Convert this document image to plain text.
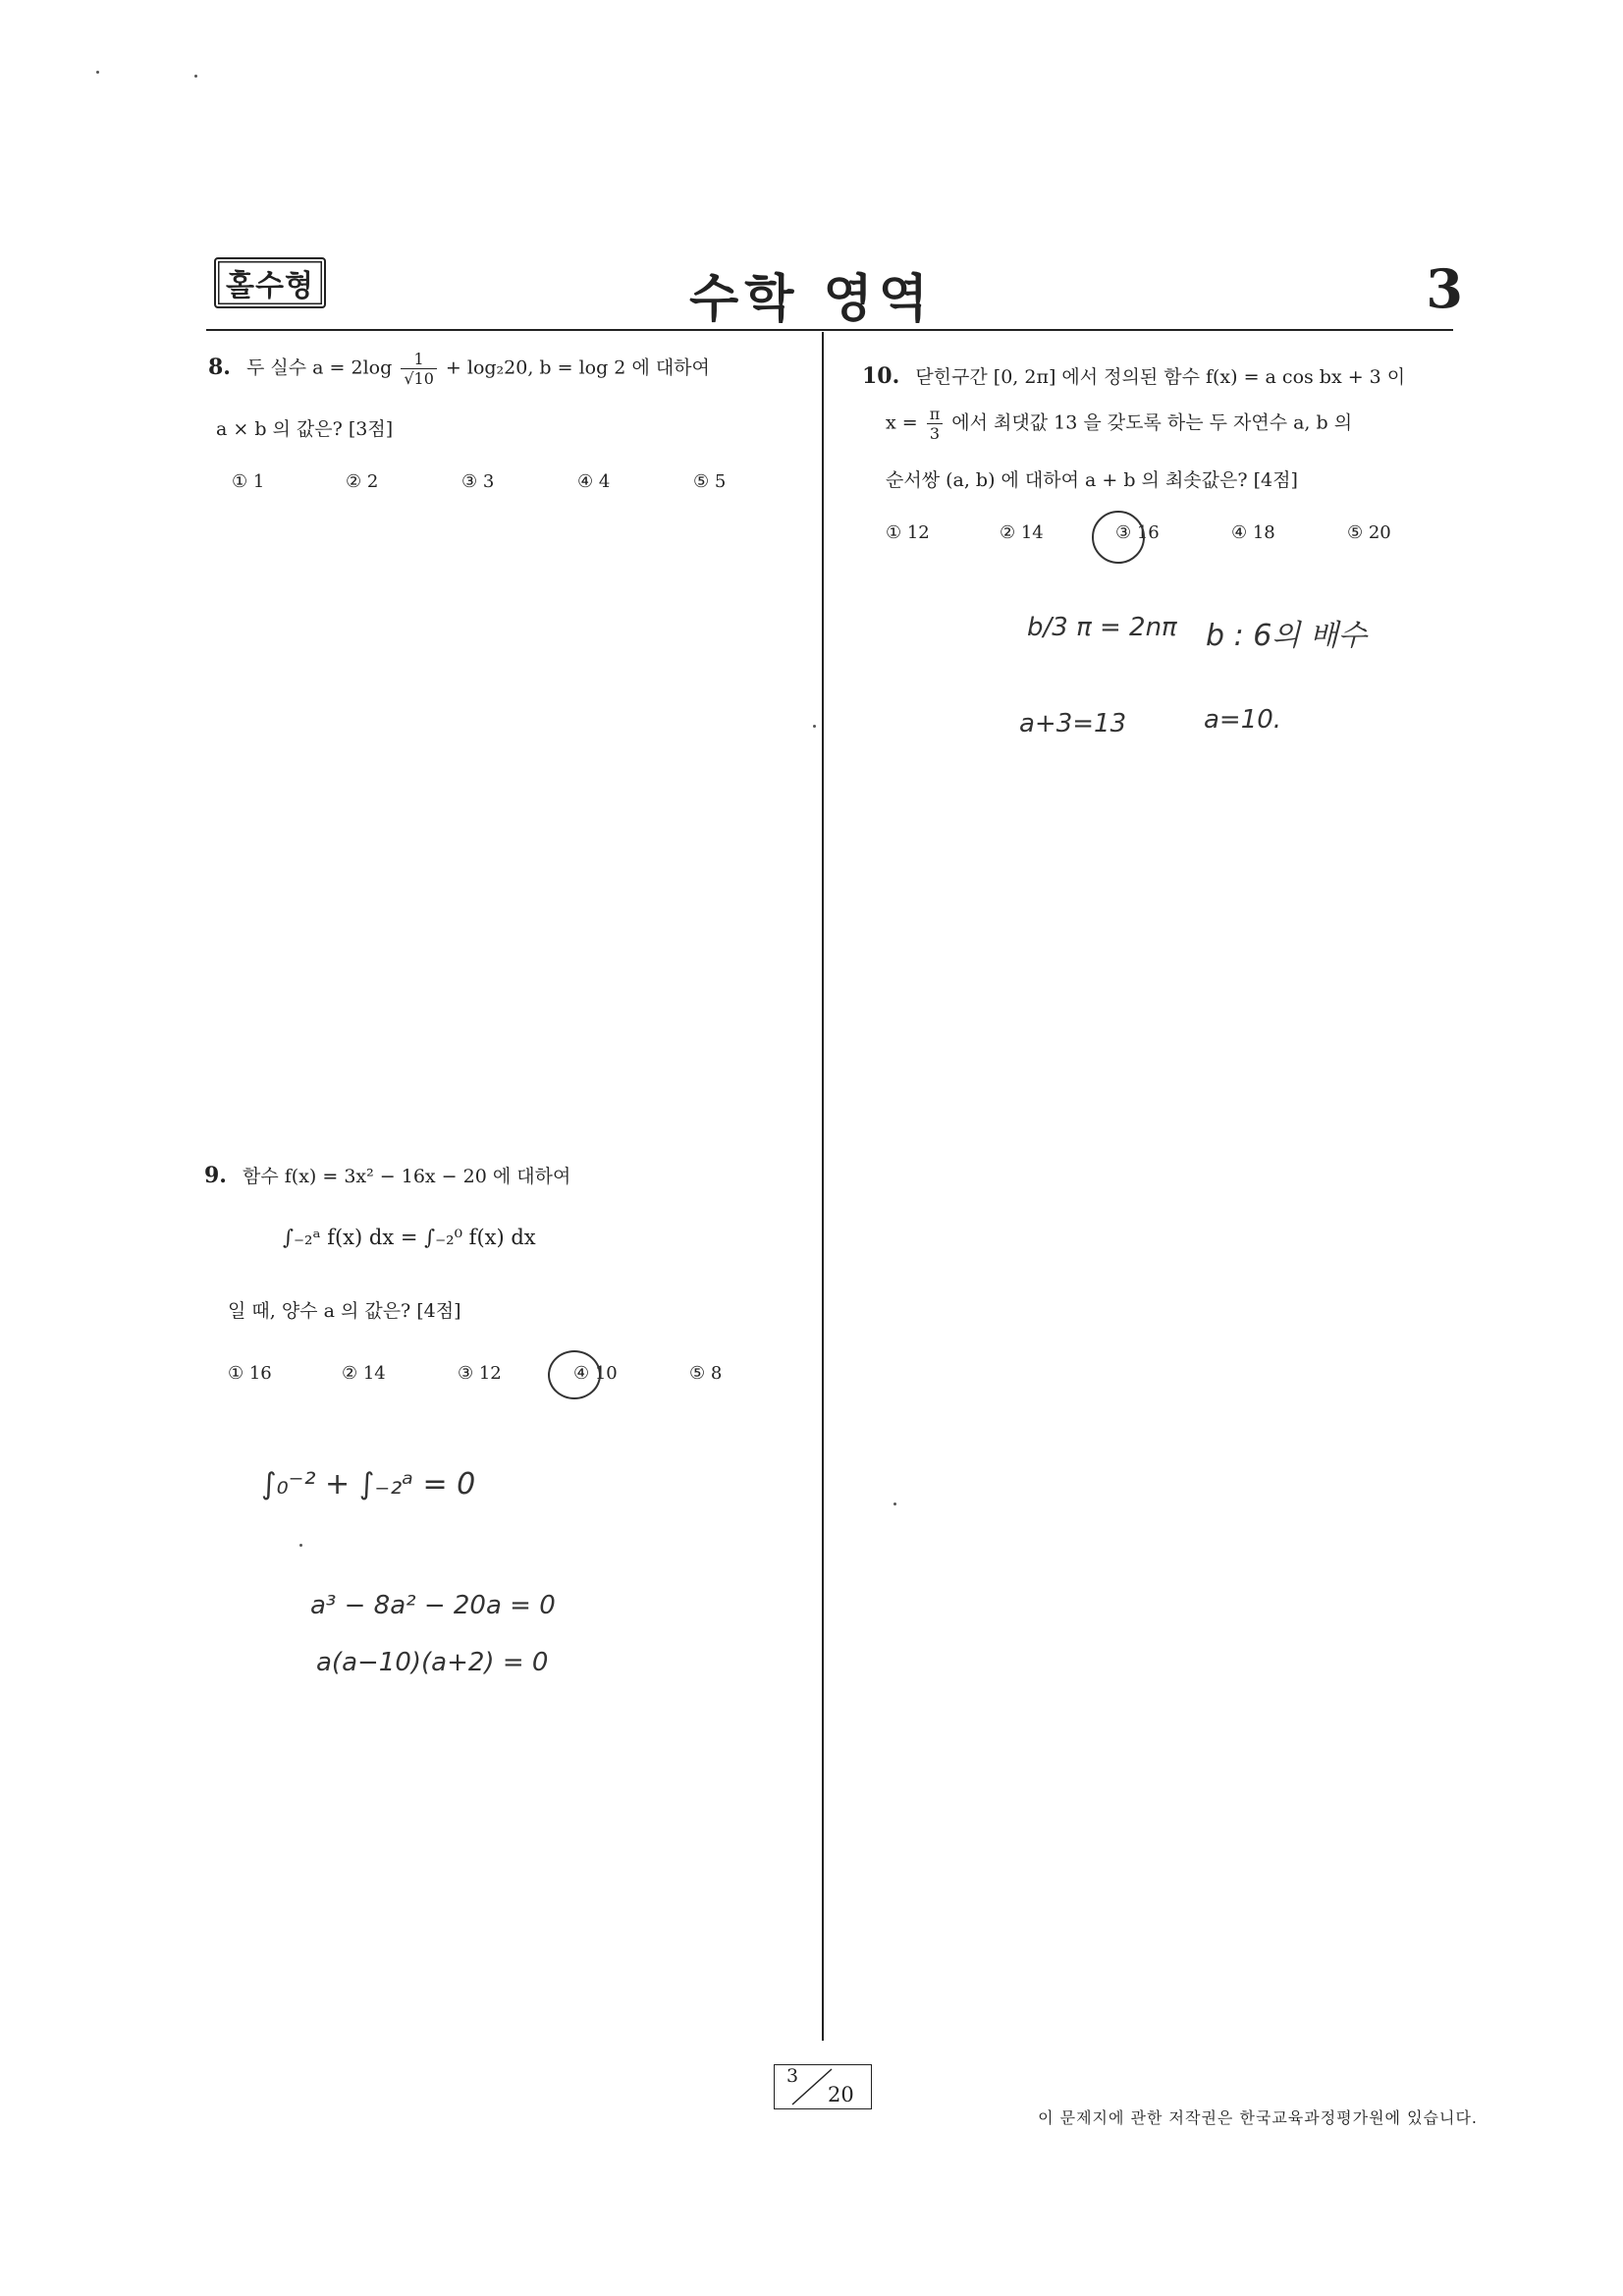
홀수형	수학 영역	3
8. 두 실수 $a = 2\log \frac{1}{√10} + \log_220$, b = log 2 에 대하여
a × b 의 값은? [3점]
① 1	② 2	③ 3	④ 4	⑤ 5
9. 함수 f(x) = 3x² − 16x − 20 에 대하여
∫₋₂ᵃ f(x) dx = ∫₋₂⁰ f(x) dx
일 때, 양수 a 의 값은? [4점]
① 16	② 14	③ 12	④ 10	⑤ 8
∫₀⁻² + ∫₋₂ᵃ = 0
a³ − 8a² − 20a = 0
a(a−10)(a+2) = 0
10. 닫힌구간 [0, 2π] 에서 정의된 함수 f(x) = a cos bx + 3 이
$x = \frac{\pi}{3}$ 에서 최댓값 13 을 갖도록 하는 두 자연수 a, b 의
순서쌍 (a, b) 에 대하여 a + b 의 최솟값은? [4점]
① 12	② 14	③ 16	④ 18	⑤ 20
b/3 π = 2nπ b : 6의 배수
a+3=13	a=10.
3
20
이 문제지에 관한 저작권은 한국교육과정평가원에 있습니다.
